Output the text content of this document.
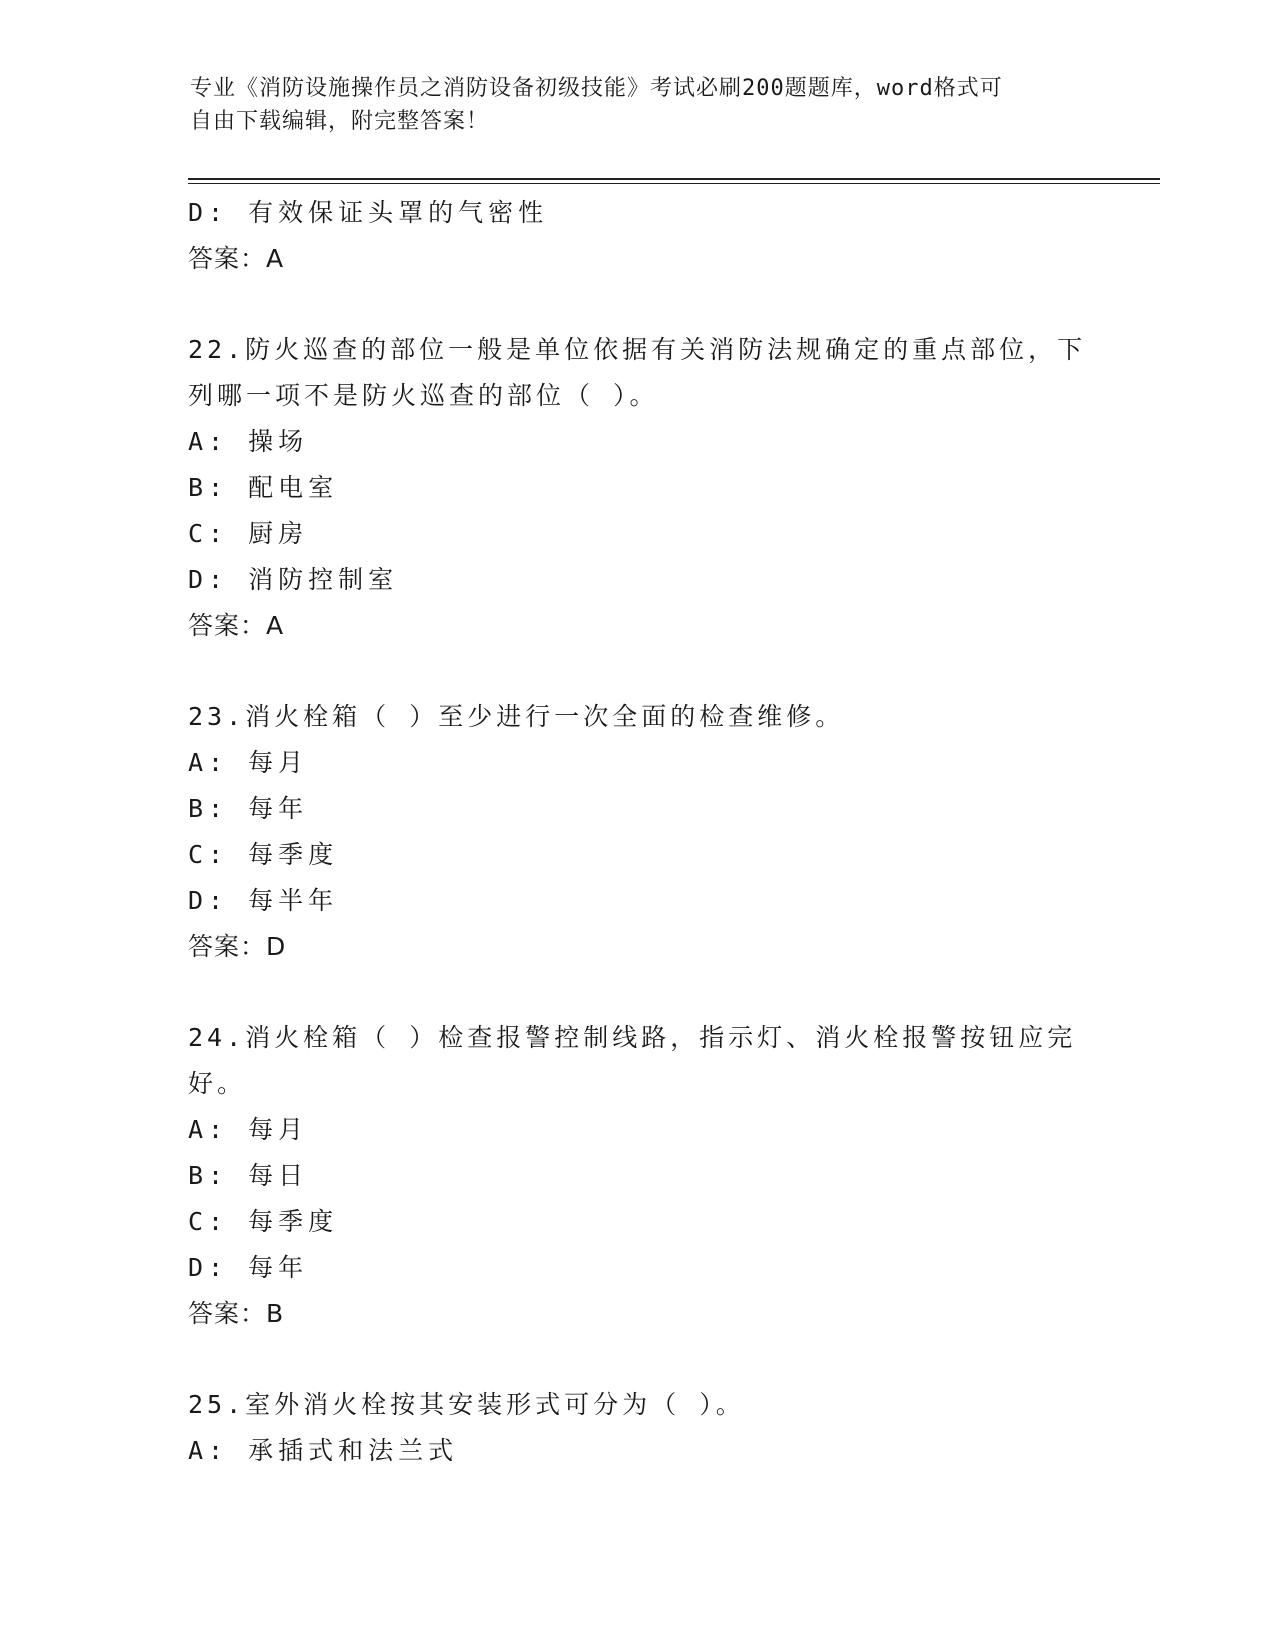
专业《消防设施操作员之消防设备初级技能》考试必刷200题题库，word格式可
自由下载编辑，附完整答案！
D: 有效保证头罩的气密性
答案：A
22.防火巡查的部位一般是单位依据有关消防法规确定的重点部位，下
列哪一项不是防火巡查的部位（ ）。
A: 操场
B: 配电室
C: 厨房
D: 消防控制室
答案：A
23.消火栓箱（ ）至少进行一次全面的检查维修。
A: 每月
B: 每年
C: 每季度
D: 每半年
答案：D
24.消火栓箱（ ）检查报警控制线路，指示灯、消火栓报警按钮应完
好。
A: 每月
B: 每日
C: 每季度
D: 每年
答案：B
25.室外消火栓按其安装形式可分为（ ）。
A: 承插式和法兰式
